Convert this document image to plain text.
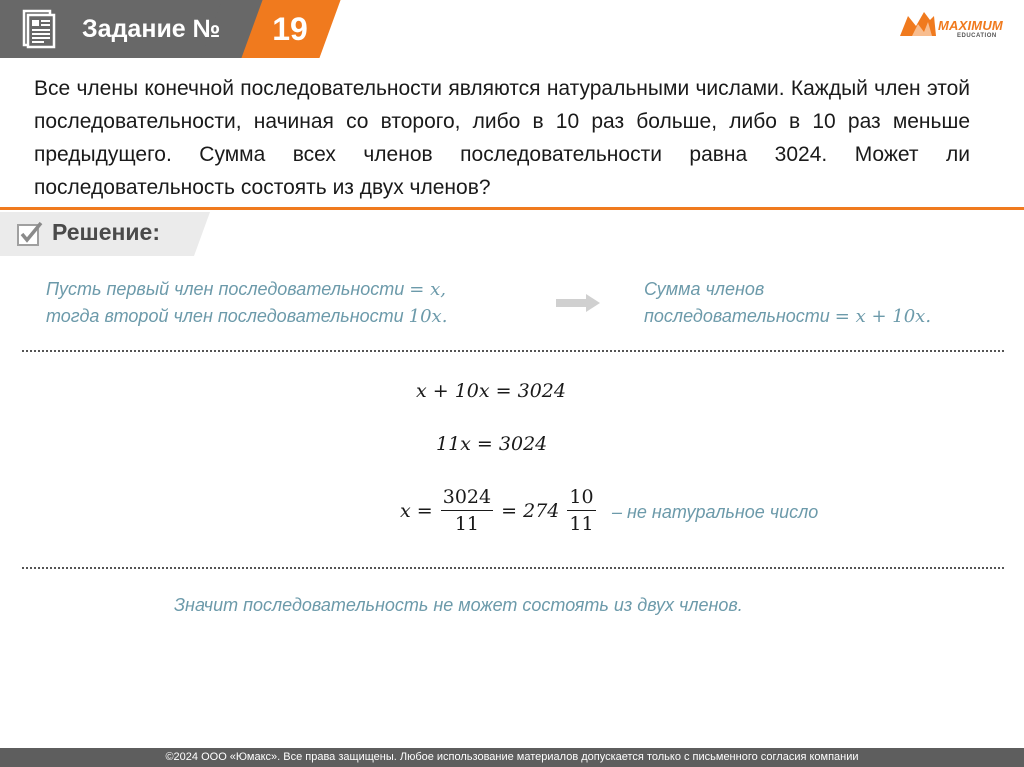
Задание №	19	MAXIMUM
EDUCATION
Все члены конечной последовательности являются натуральными числами. Каждый член этой последовательности, начиная со второго, либо в 10 раз больше, либо в 10 раз меньше предыдущего. Сумма всех членов последовательности равна 3024. Может ли последовательность состоять из двух членов?
Решение:
Пусть первый член последовательности = x,
тогда второй член последовательности 10x.
Сумма членов
последовательности = x + 10x.
x + 10x = 3024
11x = 3024
$x = \frac{3024}{11} = 274 \frac{10}{11}$ – не натуральное число
Значит последовательность не может состоять из двух членов.
©2024 ООО «Юмакс». Все права защищены. Любое использование материалов допускается только с письменного согласия компании
